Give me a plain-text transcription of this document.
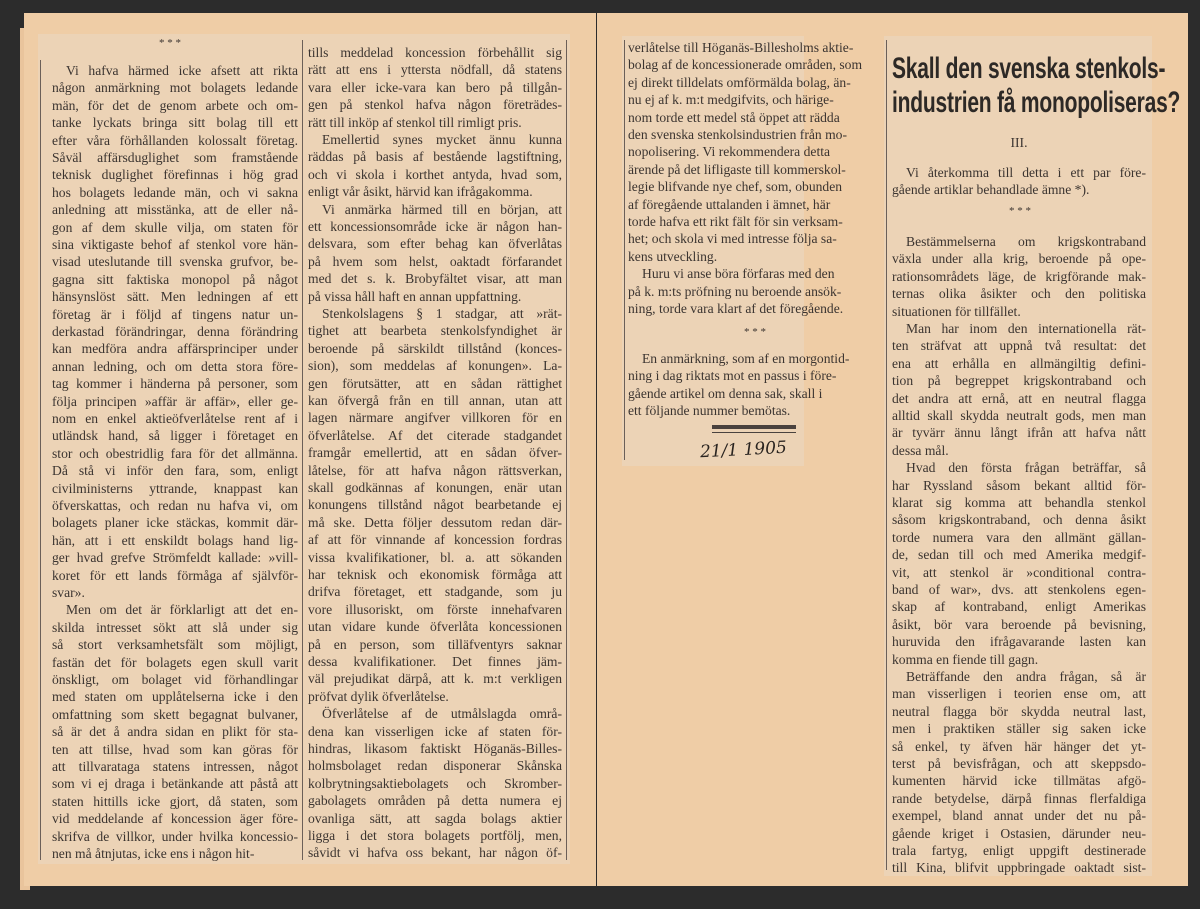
* * *
Vi hafva härmed icke afsett att rikta
någon anmärkning mot bolagets ledande
män, för det de genom arbete och om-
tanke lyckats bringa sitt bolag till ett
efter våra förhållanden kolossalt företag.
Såväl affärsduglighet som framstående
teknisk duglighet förefinnas i hög grad
hos bolagets ledande män, och vi sakna
anledning att misstänka, att de eller nå-
gon af dem skulle vilja, om staten för
sina viktigaste behof af stenkol vore hän-
visad uteslutande till svenska grufvor, be-
gagna sitt faktiska monopol på något
hänsynslöst sätt. Men ledningen af ett
företag är i följd af tingens natur un-
derkastad förändringar, denna förändring
kan medföra andra affärsprinciper under
annan ledning, och om detta stora före-
tag kommer i händerna på personer, som
följa principen »affär är affär», eller ge-
nom en enkel aktieöfverlåtelse rent af i
utländsk hand, så ligger i företaget en
stor och obestridlig fara för det allmänna.
Då stå vi inför den fara, som, enligt
civilministerns yttrande, knappast kan
öfverskattas, och redan nu hafva vi, om
bolagets planer icke stäckas, kommit där-
hän, att i ett enskildt bolags hand lig-
ger hvad grefve Strömfeldt kallade: »vill-
koret för ett lands förmåga af självför-
svar».
Men om det är förklarligt att det en-
skilda intresset sökt att slå under sig
så stort verksamhetsfält som möjligt,
fastän det för bolagets egen skull varit
önskligt, om bolaget vid förhandlingar
med staten om upplåtelserna icke i den
omfattning som skett begagnat bulvaner,
så är det å andra sidan en plikt för sta-
ten att tillse, hvad som kan göras för
att tillvarataga statens intressen, något
som vi ej draga i betänkande att påstå att
staten hittills icke gjort, då staten, som
vid meddelande af koncession äger före-
skrifva de villkor, under hvilka koncessio-
nen må åtnjutas, icke ens i någon hit-
tills meddelad koncession förbehållit sig
rätt att ens i yttersta nödfall, då statens
vara eller icke-vara kan bero på tillgån-
gen på stenkol hafva någon företrädes-
rätt till inköp af stenkol till rimligt pris.
Emellertid synes mycket ännu kunna
räddas på basis af bestående lagstiftning,
och vi skola i korthet antyda, hvad som,
enligt vår åsikt, härvid kan ifrågakomma.
Vi anmärka härmed till en början, att
ett koncessionsområde icke är någon han-
delsvara, som efter behag kan öfverlåtas
på hvem som helst, oaktadt förfarandet
med det s. k. Brobyfältet visar, att man
på vissa håll haft en annan uppfattning.
Stenkolslagens § 1 stadgar, att »rät-
tighet att bearbeta stenkolsfyndighet är
beroende på särskildt tillstånd (konces-
sion), som meddelas af konungen». La-
gen förutsätter, att en sådan rättighet
kan öfvergå från en till annan, utan att
lagen närmare angifver villkoren för en
öfverlåtelse. Af det citerade stadgandet
framgår emellertid, att en sådan öfver-
låtelse, för att hafva någon rättsverkan,
skall godkännas af konungen, enär utan
konungens tillstånd något bearbetande ej
må ske. Detta följer dessutom redan där-
af att för vinnande af koncession fordras
vissa kvalifikationer, bl. a. att sökanden
har teknisk och ekonomisk förmåga att
drifva företaget, ett stadgande, som ju
vore illusoriskt, om förste innehafvaren
utan vidare kunde öfverlåta koncessionen
på en person, som tilläfventyrs saknar
dessa kvalifikationer. Det finnes jäm-
väl prejudikat därpå, att k. m:t verkligen
pröfvat dylik öfverlåtelse.
Öfverlåtelse af de utmålslagda områ-
dena kan visserligen icke af staten för-
hindras, likasom faktiskt Höganäs-Billes-
holmsbolaget redan disponerar Skånska
kolbrytningsaktiebolagets och Skromber-
gabolagets områden på detta numera ej
ovanliga sätt, att sagda bolags aktier
ligga i det stora bolagets portfölj, men,
såvidt vi hafva oss bekant, har någon öf-
verlåtelse till Höganäs-Billesholms aktie-
bolag af de koncessionerade områden, som
ej direkt tilldelats omförmälda bolag, än-
nu ej af k. m:t medgifvits, och härige-
nom torde ett medel stå öppet att rädda
den svenska stenkolsindustrien från mo-
nopolisering. Vi rekommendera detta
ärende på det lifligaste till kommerskol-
legie blifvande nye chef, som, obunden
af föregående uttalanden i ämnet, här
torde hafva ett rikt fält för sin verksam-
het; och skola vi med intresse följa sa-
kens utveckling.
Huru vi anse böra förfaras med den
på k. m:ts pröfning nu beroende ansök-
ning, torde vara klart af det föregående.
* * *
En anmärkning, som af en morgontid-
ning i dag riktats mot en passus i före-
gående artikel om denna sak, skall i
ett följande nummer bemötas.
21/1 1905
Skall den svenska stenkols-
industrien få monopoliseras?
III.
Vi återkomma till detta i ett par före-
gående artiklar behandlade ämne *).
* * *
Bestämmelserna om krigskontraband
växla under alla krig, beroende på ope-
rationsområdets läge, de krigförande mak-
ternas olika åsikter och den politiska
situationen för tillfället.
Man har inom den internationella rät-
ten sträfvat att uppnå två resultat: det
ena att erhålla en allmängiltig defini-
tion på begreppet krigskontraband och
det andra att ernå, att en neutral flagga
alltid skall skydda neutralt gods, men man
är tyvärr ännu långt ifrån att hafva nått
dessa mål.
Hvad den första frågan beträffar, så
har Ryssland såsom bekant alltid för-
klarat sig komma att behandla stenkol
såsom krigskontraband, och denna åsikt
torde numera vara den allmänt gällan-
de, sedan till och med Amerika medgif-
vit, att stenkol är »conditional contra-
band of war», dvs. att stenkolens egen-
skap af kontraband, enligt Amerikas
åsikt, bör vara beroende på bevisning,
huruvida den ifrågavarande lasten kan
komma en fiende till gagn.
Beträffande den andra frågan, så är
man visserligen i teorien ense om, att
neutral flagga bör skydda neutral last,
men i praktiken ställer sig saken icke
så enkel, ty äfven här hänger det yt-
terst på bevisfrågan, och att skeppsdo-
kumenten härvid icke tillmätas afgö-
rande betydelse, därpå finnas flerfaldiga
exempel, bland annat under det nu på-
gående kriget i Ostasien, därunder neu-
trala fartyg, enligt uppgift destinerade
till Kina, blifvit uppbringade oaktadt sist-
